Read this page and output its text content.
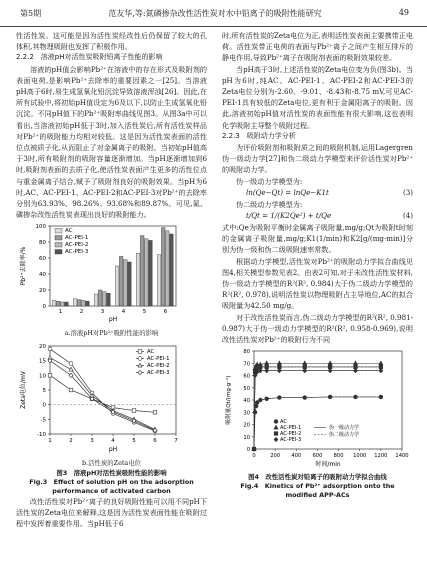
第5期	范友华,等:氮磷掺杂改性活性炭对水中铅离子的吸附性能研究	49

性活性炭。这可能是因为活性炭经改性后仍保留了较大的孔体积,其物理吸附也发挥了积极作用。

2.2.2　溶液pH对活性炭吸附铅离子性能的影响

溶液的pH值会影响Pb²⁺在溶液中的存在形式及吸附剂的表面电荷,是影响Pb²⁺去除率的重要因素之一[25]。当溶液pH高于6时,易生成氢氧化铅沉淀导致溶液浑浊[26]。因此,在所有试验中,将初始pH值设定为6及以下,以防止生成氢氧化铅沉淀。不同pH值下的Pb²⁺吸附率曲线见图3。从图3a中可以看出,当溶液初始pH低于3时,加入活性炭后,所有活性炭样品对Pb²⁺的吸附能力均相对较低。这是因为活性炭表面的活性位点被质子化,从而阻止了对金属离子的吸附。当初始pH值高于3时,所有吸附剂的吸附容量逐渐增加。当pH逐渐增加到6时,吸附剂表面的去质子化,使活性炭表面产生更多的活性位点与重金属离子结合,赋予了吸附剂良好的吸附效果。当pH为6时,AC、AC-PEI-1、AC-PEI-2和AC-PEI-3对Pb²⁺的去除率分别为63.93%、98.26%、93.68%和89.87%。可见,氮、磷掺杂改性活性炭表现出良好的吸附能力。

0
20
40
60
80
100
1	2	3	4	5	6
pH
Pb²⁺去除率/%
AC
AC-PEI-1
AC-PEI-2
AC-PEI-3

a.溶液pH对Pb²⁺吸附性能的影响

-10
-5
0
5
10
15
20
1	2	3	4	5	6	7
AC
AC-PEI-1
AC-PEI-2
AC-PEI-3
pH
Zeta电位/mV

b.活性炭的Zeta电位

图3　溶液pH对活性炭吸附性能的影响

Fig.3　Effect of solution pH on the adsorption performance of activated carbon

改性活性炭对Pb²⁺离子的良好吸附性能可以用不同pH下活性炭的Zeta电位来解释,这是因为活性炭表面性能在吸附过程中发挥着重要作用。当pH低于6

时,所有活性炭的Zeta电位为正,表明活性炭表面主要携带正电荷。活性炭带正电荷的表面与Pb²⁺离子之间产生相互排斥的静电作用,导致Pb²⁺离子在吸附剂表面的吸附效果较差。

当pH高于3时,上述活性炭的Zeta电位变为负(图3b)。当pH为6时,纯AC、AC-PEI-1、AC-PEI-2和AC-PEI-3的Zeta电位分别为-2.60、-9.01、-8.43和-8.75 mV,可见AC-PEI-1具有较低的Zeta电位,更有利于金属阳离子的吸附。因此,溶液初始pH值对活性炭的表面性能有很大影响,这也表明化学吸附主导整个吸附过程。

2.2.3　吸附动力学分析

为评价吸附剂和吸附质之间的吸附机制,运用Lagergren伪一级动力学[27]和伪二级动力学模型来评价活性炭对Pb²⁺的吸附动力学。

伪一级动力学模型为:

ln(Qe−Qt) = lnQe−K1t	(3)

伪二级动力学模型为:

t/Qt = 1/(K2Qe²) + t/Qe	(4)

式中:Qe为吸附平衡时金属离子吸附量,mg/g;Qt为吸附t时刻的金属离子吸附量,mg/g;K1(1/min)和K2[g/(mg·min)]分别为伪一级和伪二级吸附速率常数。

根据动力学模型,活性炭对Pb²⁺的吸附动力学拟合曲线见图4,相关模型参数见表2。由表2可知,对于未改性活性炭材料,伪一级动力学模型的R²(R², 0.984)大于伪二级动力学模型的R²(R², 0.978),说明活性炭以物理吸附占主导地位,AC的拟合吸附量为42.50 mg/g。

对于改性活性炭而言,伪二级动力学模型的R²(R², 0.981-0.987)大于伪一级动力学模型的R²(R², 0.958-0.969),说明改性活性炭对Pb²⁺的吸附行为不同

0
10
20
30
40
50
60
70
80
0	200 400 600 800 1000 1200 1400
AC
AC-PEI-1
AC-PEI-2
AC-PEI-3
伪一级动力学
伪二级动力学
时间/min
吸附量Qt/(mg·g⁻¹)

图4　改性活性炭对铅离子的吸附动力学拟合曲线

Fig.4　Kinetics of Pb²⁺ adsorption onto the

modified APP-ACs
